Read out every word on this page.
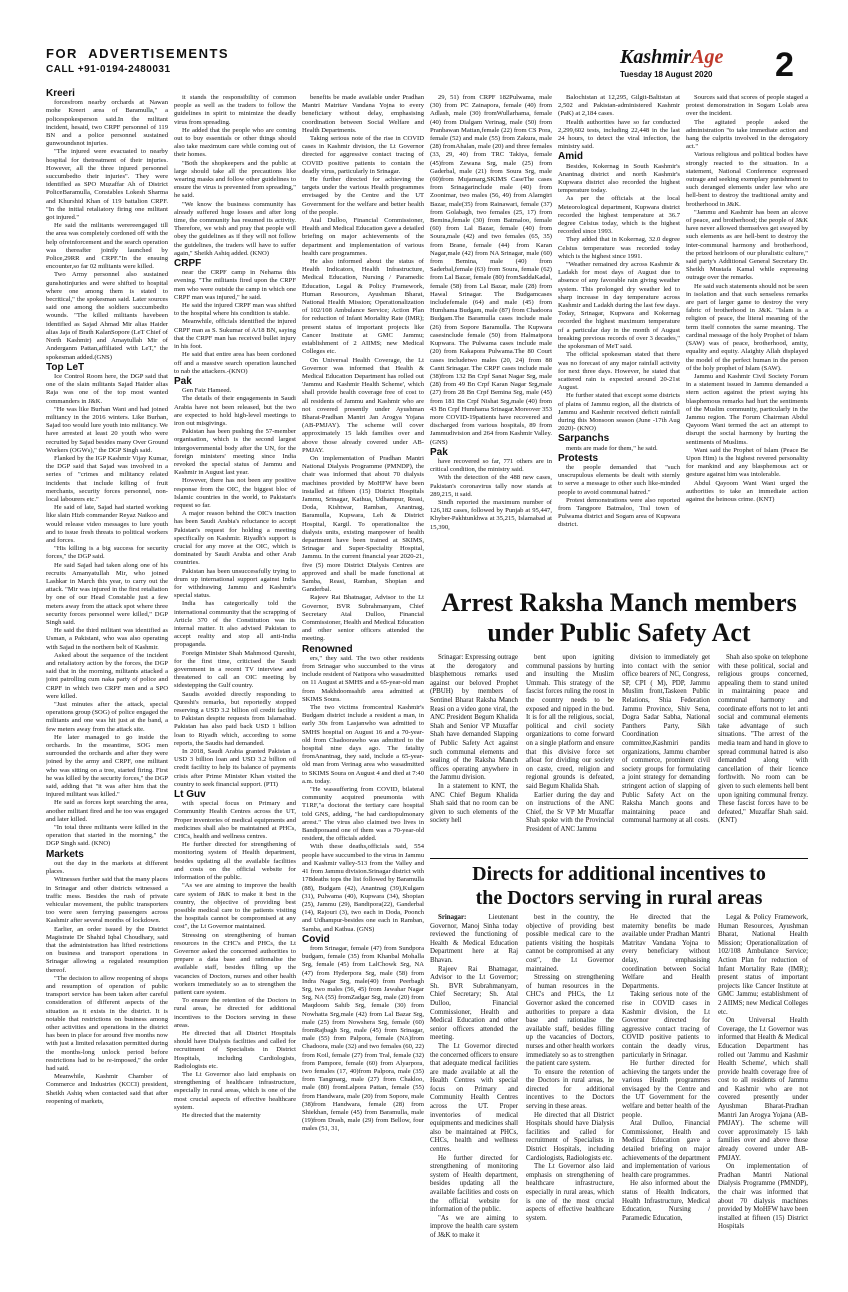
FOR ADVERTISEMENTS
CALL +91-0194-2480031
KashmirAge
Tuesday 18 August 2020 2
Kreeri

forcesfrom nearby orchards at Nawan mohe Kreeri area of Baramulla," a policespokesperson said.In the militant incident, hesaid, two CRPF personnel of 119 BN and a police personnel sustained gunwoundsnot injuries.

"The injured were evacuated to nearby hospital for thetreatment of their injuries. However, all the three injured personnel succumbedto their injuries". They were identified as SPO Muzaffar Ah of District PoliceBaramulla, Constables Lokesh Sharma and Khurshid Khan of 119 battalion CRPF. "In the initial retaliatory firing one militant got injured."

He said the militants werereengaged till the area was completely cordoned off with the help ofreinforcement and the search operation was thereafter jointly launched by Police,29RR and CRPF."In the ensuing encounter,so far 02 militants were killed.

Two Army personnel also sustained gunshotinjuries and were shifted to hospital where one among them is stated to becritical," the spokesman said. Later sources said one among the soldiers succumbedto wounds. "The killed militants havebeen identified as Sajad Ahmad Mir alias Haider alias Jaja of Brath KalanSopore (LeT Chief of North Kashmir) and Amaytullah Mir of Anderganm Pattan,affiliated with LeT," the spokesman added.(GNS)

Top LeT

Ice Control Room here, the DGP said that one of the slain militants Sajad Haider alias Raja was one of the top most wanted commanders in J&K.

"He was like Burhan Wani and had joined militancy in the 2016 winters. Like Burhan, Sajad too would lure youth into militancy. We have arrested at least 20 youth who were recruited by Sajad besides many Over Ground Workers (OGWs)," the DGP Singh said.

Flanked by the IGP Kashmir Vijay Kumar, the DGP said that Sajad was involved in a series of "crimes and militancy related incidents that include killing of fruit merchants, security forces personnel, non-local labourers etc."

He said of late, Sajad had started working like slain Hizb commander Reyaz Naikoo and would release video messages to lure youth and to issue fresh threats to political workers and forces.

"His killing is a big success for security forces," the DGP said.

He said Sajad had taken along one of his recruits Amanyatullah Mir, who joined Lashkar in March this year, to carry out the attack. "Mir was injured in the first retaliation by one of our Head Constable just a few meters away from the attack spot where three security forces personnel were killed," DGP Singh said.

He said the third militant was identified as Usman, a Pakistani, who was also operating with Sajad in the northern belt of Kashmir.

Asked about the sequence of the incident and retaliatory action by the forces, the DGP said that in the morning, militants attacked a joint patrolling cum naka party of police and CRPF in which two CRPF men and a SPO were killed.

"Just minutes after the attack, special operations group (SOG) of police engaged the militants and one was hit just at the band, a few meters away from the attack site.

He later managed to go inside the orchards. In the meantime, SOG men surrounded the orchards and after they were joined by the army and CRPF, one militant who was sitting on a tree, started firing. First he was killed by the security forces," the DGP said, adding that "it was after him that the injured militant was killed."

He said as forces kept searching the area, another militant fired and he too was engaged and later killed.

"In total three militants were killed in the operation that started in the morning," the DGP Singh said. (KNO)

Markets

out the day in the markets at different places.

Witnesses further said that the many places in Srinagar and other districts witnessed a traffic mess. Besides the rush of private vehicular movement, the public transporters too were seen ferrying passengers across Kashmir after several months of lockdown.

Earlier, an order issued by the District Magistrate Dr Shahid Iqbal Choudhary, said that the administration has lifted restrictions on business and transport operations in Srinagar allowing a regulated resumption thereof.

"The decision to allow reopening of shops and resumption of operation of public transport service has been taken after careful consideration of different aspects of the situation as it exists in the district. It is notable that restrictions on business among other activities and operations in the district has been in place for around five months now with just a limited relaxation permitted during the months-long unlock period before restrictions had to be re-imposed," the order had said.

Meanwhile, Kashmir Chamber of Commerce and Industries (KCCI) president, Sheikh Ashiq when contacted said that after reopening of markets,

it stands the responsibility of common people as well as the traders to follow the guidelines in spirit to minimize the deadly virus from spreading.

He added that the people who are coming out to buy essentials or other things should also take maximum care while coming out of their homes.

"Both the shopkeepers and the public at large should take all the precautions like wearing masks and follow other guidelines to ensure the virus is prevented from spreading," he said.

"We know the business community has already suffered huge losses and after long time, the community has resumed its activity. Therefore, we wish and pray that people will obey the guidelines as if they will not follow the guidelines, the traders will have to suffer again," Sheikh Ashiq added. (KNO)

CRPF

near the CRPF camp in Nehama this evening. "The militants fired upon the CRPF men who were outside the camp in which one CRPF man was injured," he said.

He said the injured CRPF man was shifted to the hospital where his condition is stable.

Meanwhile, officials identified the injured CRPF man as S. Sukumar of A/18 BN, saying that the CRPF man has received bullet injury in his foot.

He said that entire area has been cordoned off and a massive search operation launched to nab the attackers.-(KNO)

Pak

Gen Faiz Hameed.

The details of their engagements in Saudi Arabia have not been released, but the two are expected to hold high-level meetings to iron out misgivings.

Pakistan has been pushing the 57-member organisation, which is the second largest intergovernmental body after the UN, for the foreign ministers' meeting since India revoked the special status of Jammu and Kashmir in August last year.

However, there has not been any positive response from the OIC, the biggest bloc of Islamic countries in the world, to Pakistan's request so far.

A major reason behind the OIC's inaction has been Saudi Arabia's reluctance to accept Pakistan's request for holding a meeting specifically on Kashmir. Riyadh's support is crucial for any move at the OIC, which is dominated by Saudi Arabia and other Arab countries.

Pakistan has been unsuccessfully trying to drum up international support against India for withdrawing Jammu and Kashmir's special status.

India has categorically told the international community that the scrapping of Article 370 of the Constitution was its internal matter. It also advised Pakistan to accept reality and stop all anti-India propaganda.

Foreign Minister Shah Mahmood Qureshi, for the first time, criticised the Saudi government in a recent TV interview and threatened to call an OIC meeting by sidestepping the Gulf country.

Saudis avoided directly responding to Qureshi's remarks, but reportedly stopped reserving a USD 3.2 billion oil credit facility to Pakistan despite requests from Islamabad. Pakistan has also paid back USD 1 billion loan to Riyadh which, according to some reports, the Saudis had demanded.

In 2018, Saudi Arabia granted Pakistan a USD 3 billion loan and USD 3.2 billion oil credit facility to help its balance of payments crisis after Prime Minister Khan visited the country to seek financial support. (PTI)

Lt Guv

with special focus on Primary and Community Health Centres across the UT, Proper inventories of medical equipments and medicines shall also be maintained at PHCs, CHCs, health and wellness centres.

He further directed for strengthening of monitoring system of Health department, besides updating all the available facilities and costs on the official website for information of the public.

"As we are aiming to improve the health care system of J&K to make it best in the country, the objective of providing best possible medical care to the patients visiting the hospitals cannot be compromised at any cost", the Lt Governor maintained.

Stressing on strengthening of human resources in the CHC's and PHCs, the Lt Governor asked the concerned authorities to prepare a data base and rationalise the available staff, besides filling up the vacancies of Doctors, nurses and other health workers immediately so as to strengthen the patient care system.

To ensure the retention of the Doctors in rural areas, he directed for additional incentives to the Doctors serving in these areas.

He directed that all District Hospitals should have Dialysis facilities and called for recruitment of Specialists in District Hospitals, including Cardiologists, Radiologists etc.

The Lt Governor also laid emphasis on strengthening of healthcare infrastructure, especially in rural areas, which is one of the most crucial aspects of effective healthcare system.

He directed that the maternity

benefits be made available under Pradhan Mantri Matritav Vandana Yojna to every beneficiary without delay, emphasising coordination between Social Welfare and Health Departments.

Taking serious note of the rise in COVID cases in Kashmir division, the Lt Governor directed for aggressive contact tracing of COVID positive patients to contain the deadly virus, particularly in Srinagar.

He further directed for achieving the targets under the various Health programmes envisaged by the Centre and the UT Government for the welfare and better health of the people.

Atal Dulloo, Financial Commissioner, Health and Medical Education gave a detailed briefing on major achievements of the department and implementation of various health care programmes.

He also informed about the status of Health Indicators, Health Infrastructure, Medical Education, Nursing / Paramedic Education, Legal & Policy Framework, Human Resources, Ayushman Bharat, National Health Mission; Operationalization of 102/108 Ambulance Service; Action Plan for reduction of Infant Mortality Rate (IMR); present status of important projects like Cancer Institute at GMC Jammu; establishment of 2 AIIMS; new Medical Colleges etc.

On Universal Health Coverage, the Lt Governor was informed that Health & Medical Education Department has rolled out 'Jammu and Kashmir Health Scheme', which shall provide health coverage free of cost to all residents of Jammu and Kashmir who are not covered presently under Ayushman Bharat-Pradhan Mantri Jan Arogya Yojana (AB-PMJAY). The scheme will cover approximately 15 lakh families over and above those already covered under AB-PMJAY.

On implementation of Pradhan Mantri National Dialysis Programme (PMNDP), the chair was informed that about 70 dialysis machines provided by MoHFW have been installed at fifteen (15) District Hospitals Jammu, Srinagar, Kathua, Udhampur, Reasi, Doda, Kishtwar, Ramban, Anantnag, Baramulla, Kupwara, Leh & District Hospital, Kargil. To operationalize the dialysis units, existing manpower of health department have been trained at SKIMS, Srinagar and Super-Speciality Hospital, Jammu. In the current financial year 2020-21, five (5) more District Dialysis Centres are approved and shall be made functional at Samba, Reasi, Ramban, Shopian and Ganderbal.

Rajeev Rai Bhatnagar, Advisor to the Lt Governor, BVR Subrahmanyam, Chief Secretary Atal Dulloo, Financial Commissioner, Health and Medical Education and other senior officers attended the meeting.

Renowned

ers," they said. The two other residents from Srinagar who succumbed to the virus include resident of Natipora who wasadmitted on 11 August at SMHS and a 65-year-old man from Makhdoomsahib area admitted at SKIMS Soura.

The two victims fromcentral Kashmir's Budgam district include a resident a man, in early 30s from Lasjanwho was admitted to SMHS hospital on August 16 and a 70-year-old from Chadoorawho was admitted to the hospital nine days ago. The fatality fromAnantnag, they said, include a 65-year-old man from Verinag area who wasadmitted to SKIMS Soura on August 4 and died at 7:40 a.m. today.

"He wassuffering from COVID, bilateral community acquired pneumonia with T1RF,"a doctorat the tertiary care hospital told GNS, adding, "he had cardiopulmonary arrest." The virus also claimed two lives in Bandiporaand one of them was a 70-year-old resident, the officials added.

With these deaths,officials said, 554 people have succumbed to the virus in Jammu and Kashmir valley-513 from the Valley and 41 from Jammu division.Srinagar district with 178deaths tops the list followed by Baramulla (88), Budgam (42), Anantnag (39),Kulgam (31), Pulwama (40), Kupwara (34), Shopian (25), Jammu (29), Bandipora(22), Ganderbal (14), Rajouri (3), two each in Doda, Poonch and Udhampur-besides one each in Ramban, Samba, and Kathua. (GNS)

Covid

from Srinagar, female (47) from Sundpora budgam, female (35) from Khanbal Mohalla Srg, female (45) from LalChowk Srg, NA (47) from Hyderpora Srg, male (58) from Indra Nagar Srg, male(40) from Peerbagh Srg, two males (56, 45) from Jawahar Nagar Srg, NA (55) fromZadgar Srg, male (20) from Maqdoom Sahib Srg, female (30) from Nowhatta Srg,male (42) from Lal Bazar Srg, male (25) from Nowshera Srg, female (60) fromRajbagh Srg, male (45) from Srinagar, male (55) from Palpora, female (NA)from Chadoora, male (32) and two females (60, 22) from Koil, female (27) from Tral, female (32) from Pampore, female (60) from Alyarpora, two females (17, 40)from Palpora, male (35) from Tangmarg, male (27) from Chakloo, male (80) fromLalpora Pattan, female (55) from Handwara, male (20) from Sopore, male (38)from Handwara, female (28) from Shiekhan, female (45) from Baramulla, male (19)from Drash, male (29) from Bellow, four males (51, 31,

29, 51) from CRPF 182Pulwama, male (30) from PC Zainapora, female (40) from Adlash, male (30) fromWullarhama, female (40) from Dialgam Verinag, male (50) from Pranbawan Mattan,female (22) from CS Pora, female (52) and male (55) from Zakura, male (28) fromAhalan, male (20) and three females (33, 29, 40) from TRC Takiya, female (45)from Zewana Srg, male (25) from Gaderbal, male (21) from Soura Srg, male (60)from Mujamarg,SKIMS CaseThe cases from Srinagarinclude male (40) from Zoonimar, two males (56, 49) from Alamgiri Bazar, male(35) from Rainawari, female (37) from Golabagh, two females (25, 17) from Bemina,female (30) from Batmaloo, female (60) from Lal Bazar, female (40) from Soura,male (42) and two females (65, 35) from Brane, female (44) from Karan Nagar,male (42) from NA Srinagar, male (60) from Bemina, male (40) from Saderbal,female (63) from Soura, female (62) from Lal Bazar, female (80) fromSaddaKadal, female (58) from Lal Bazar, male (28) from Hawal Srinagar. The Budgamcases includefemale (64) and male (45) from Humhama Budgam, male (87) from Chadoora Budgam.The Baramulla cases include male (26) from Sopore Baramulla. The Kupwara casesinclude female (50) from Halmatpora Kupwara. The Pulwama cases include male (20) from Kakapora Pulwama.The 80 Court cases includetwo males (20, 24) from 88 Cantt Srinagar. The CRPF cases include male (38)from 132 Bn Crpf Sanat Nagar Srg, male (28) from 49 Bn Crpf Karan Nagar Srg,male (27) from 28 Bn Crpf Bemina Srg, male (45) from 181 Bn Crpf Nishat Srg,male (40) from 43 Bn Crpf Humhama Srinagar.Moreover 353 more COVID-19patients have recovered and discharged from various hospitals, 89 from Jammudivision and 264 from Kashmir Valley. (GNS)

Pak

have recovered so far, 771 others are in critical condition, the ministry said.

With the detection of the 488 new cases, Pakistan's coronavirus tally now stands at 289,215, it said.

Sindh reported the maximum number of 126,182 cases, followed by Punjab at 95,447, Khyber-Pakhtunkhwa at 35,215, Islamabad at 15,390,

Balochistan at 12,295, Gilgit-Baltistan at 2,502 and Pakistan-administered Kashmir (PaK) at 2,184 cases.

Health authorities have so far conducted 2,299,602 tests, including 22,448 in the last 24 hours, to detect the viral infection, the ministry said.

Amid

Besides, Kokernag in South Kashmir's Anantnag district and north Kashmir's Kupwara district also recorded the highest temperature today.

As per the officials at the local Meteorological department, Kupwara district recorded the highest temperature at 36.7 degree Celsius today, which is the highest recorded since 1993.

They added that in Kokernag, 32.0 degree Celsius temperature was recorded today which is the highest since 1991.

"Weather remained dry across Kashmir & Ladakh for most days of August due to absence of any favorable rain giving weather system. This prolonged dry weather led to sharp increase in day temperature across Kashmir and Ladakh during the last few days. Today, Srinagar, Kupwara and Kokernag recorded the highest maximum temperature of a particular day in the month of August breaking previous records of over 3 decades," the spokesman of MeT said.

The official spokesman stated that there was no forecast of any major rainfall activity for next three days. However, he stated that scattered rain is expected around 20-21st August.

He further stated that except some districts of plains of Jammu region, all the districts of Jammu and Kashmir received deficit rainfall during this Monsoon season (June -17th Aug 2020)- (KNO)

Sarpanchs

ments are made for them," he said.

Protests

the people demanded that "such unscrupulous elements be dealt with sternly to serve a message to other such like-minded people to avoid communal hatred."

Protest demonstrations were also reported from Tangpore Batmaloo, Tral town of Pulwama district and Sogam area of Kupwara district.

Sources said that scores of people staged a protest demonstration in Sogam Lolab area over the incident.

The agitated people asked the administration "to take immediate action and hang the culprits involved in the derogatory act."

Various religious and political bodies have strongly reacted to the situation. In a statement, National Conference expressed outrage and seeking exemplary punishment to such deranged elements under law who are hell-bent to destroy the traditional amity and brotherhood in J&K.

"Jammu and Kashmir has been an alcove of peace, and brotherhood; the people of J&K have never allowed themselves get swayed by such elements as are hell-bent to destroy the inter-communal harmony and brotherhood, the prized heirloom of our pluralistic culture," said party's Additional General Secretary Dr. Sheikh Mustafa Kamal while expressing outrage over the remarks.

He said such statements should not be seen in isolation and that such senseless remarks are part of larger game to destroy the very fabric of brotherhood in J&K. "Islam is a religion of peace, the literal meaning of the term itself connotes the same meaning. The cardinal message of the holy Prophet of Islam (SAW) was of peace, brotherhood, amity, equality and equity. Alaighty Allah displayed the model of the perfect human in the person of the holy prophet of Islam (SAW).

Jammu and Kashmir Civil Society Forum in a statement issued in Jammu demanded a stern action against the priest saying his blasphemous remarks had hurt the sentiments of the Muslim community, particularly in the Jammu region. The Forum Chairman Abdul Qayoom Wani termed the act an attempt to disrupt the social harmony by hurting the sentiments of Muslims.

Wani said the Prophet of Islam (Peace Be Upon Him) is the highest revered personality for mankind and any blasphemous act or gesture against him was intolerable.

Abdul Qayoom Wani Wani urged the authorities to take an immediate action against the heinous crime. (KNT)

Arrest Raksha Manch members
under Public Safety Act

Srinagar: Expressing outrage at the derogatory and blasphemous remarks used against our beloved Prophet (PBUH) by members of Sentinel Bharat Raksha Manch Reasi on a video gone viral, the ANC President Begum Khalida Shah and Senior VP Muzaffar Shah have demanded Slapping of Public Safety Act against such communal elements and sealing of the Raksha Manch offices operating anywhere in the Jammu division.

In a statement to KNT, the ANC Chief Begum Khalida Shah said that no room can be given to such elements of the society hell

bent upon igniting communal passions by hurting and insulting the Muslim Ummah. This strategy of the fascist forces ruling the roost in the country needs to be exposed and nipped in the bud. It is for all the religious, social, political and civil society organizations to come forward on a single platform and ensure that this divisive force set afloat for dividing our society on caste, creed, religion and regional grounds is defeated, said Begum Khalida Shah.

Earlier during the day and on instructions of the ANC Chief, the Sr VP Mr Muzaffar Shah spoke with the Provincial President of ANC Jammu

division to immediately get into contact with the senior office bearers of NC, Congress, SP, CPI ( M), PDP, Jammu Muslim front,Taskeen Public Relations, Shia Federation Jammu Province, Shiv Sena, Dogra Sadar Sabha, National Panthers Party, Sikh Coordination committee,Kashmiri pandits organizations, Jammu chamber of commerce, prominent civil society groups for formulating a joint strategy for demanding stringent action of slapping of Public Safety Act on the Raksha Manch goons and maintaining peace and communal harmony at all costs.

Shah also spoke on telephone with these political, social and religious groups concerned, appealing them to stand united in maintaining peace and communal harmony and coordinate efforts not to let anti social and communal elements take advantage of such situations. "The arrest of the media team and hand in glove to spread communal hatred is also demanded along with cancellation of their licence forthwith. No room can be given to such elements hell bent upon igniting communal frenzy. These fascist forces have to be defeated," Muzaffar Shah said. (KNT)

Directs for additional incentives to
the Doctors serving in rural areas

Srinagar:	Lieutenant Governor, Manoj Sinha today reviewed the functioning of Health & Medical Education Department here at Raj Bhavan.

Rajeev Rai Bhatnagar, Advisor to the Lt Governor; Sh. BVR Subrahmanyam, Chief Secretary; Sh. Atal Dulloo, Financial Commissioner, Health and Medical Education and other senior officers attended the meeting.

The Lt Governor directed the concerned officers to ensure that adequate medical facilities are made available at all the Health Centres with special focus on Primary and Community Health Centres across the UT. Proper inventories of medical equipments and medicines shall also be maintained at PHCs, CHCs, health and wellness centres.

He further directed for strengthening of monitoring system of Health department, besides updating all the available facilities and costs on the official website for information of the public.

"As we are aiming to improve the health care system of J&K to make it

best in the country, the objective of providing best possible medical care to the patients visiting the hospitals cannot be compromised at any cost", the Lt Governor maintained.

Stressing on strengthening of human resources in the CHC's and PHCs, the Lt Governor asked the concerned authorities to prepare a data base and rationalise the available staff, besides filling up the vacancies of Doctors, nurses and other health workers immediately so as to strengthen the patient care system.

To ensure the retention of the Doctors in rural areas, he directed for additional incentives to the Doctors serving in these areas.

He directed that all District Hospitals should have Dialysis facilities and called for recruitment of Specialists in District Hospitals, including Cardiologists, Radiologists etc.

The Lt Governor also laid emphasis on strengthening of healthcare infrastructure, especially in rural areas, which is one of the most crucial aspects of effective healthcare system.

He directed that the maternity benefits be made available under Pradhan Mantri Matritav Vandana Yojna to every beneficiary without delay, emphasising coordination between Social Welfare and Health Departments.

Taking serious note of the rise in COVID cases in Kashmir division, the Lt Governor directed for aggressive contact tracing of COVID positive patients to contain the deadly virus, particularly in Srinagar.

He further directed for achieving the targets under the various Health programmes envisaged by the Centre and the UT Government for the welfare and better health of the people.

Atal Dulloo, Financial Commissioner, Health and Medical Education gave a detailed briefing on major achievements of the department and implementation of various health care programmes.

He also informed about the status of Health Indicators, Health Infrastructure, Medical Education, Nursing / Paramedic Education,

Legal & Policy Framework, Human Resources, Ayushman Bharat, National Health Mission; Operationalization of 102/108 Ambulance Service; Action Plan for reduction of Infant Mortality Rate (IMR); present status of important projects like Cancer Institute at GMC Jammu; establishment of 2 AIIMS; new Medical Colleges etc.

On Universal Health Coverage, the Lt Governor was informed that Health & Medical Education Department has rolled out 'Jammu and Kashmir Health Scheme', which shall provide health coverage free of cost to all residents of Jammu and Kashmir who are not covered presently under Ayushman Bharat-Pradhan Mantri Jan Arogya Yojana (AB-PMJAY). The scheme will cover approximately 15 lakh families over and above those already covered under AB-PMJAY.

On implementation of Pradhan Mantri National Dialysis Programme (PMNDP), the chair was informed that about 70 dialysis machines provided by MoHFW have been installed at fifteen (15) District Hospitals
